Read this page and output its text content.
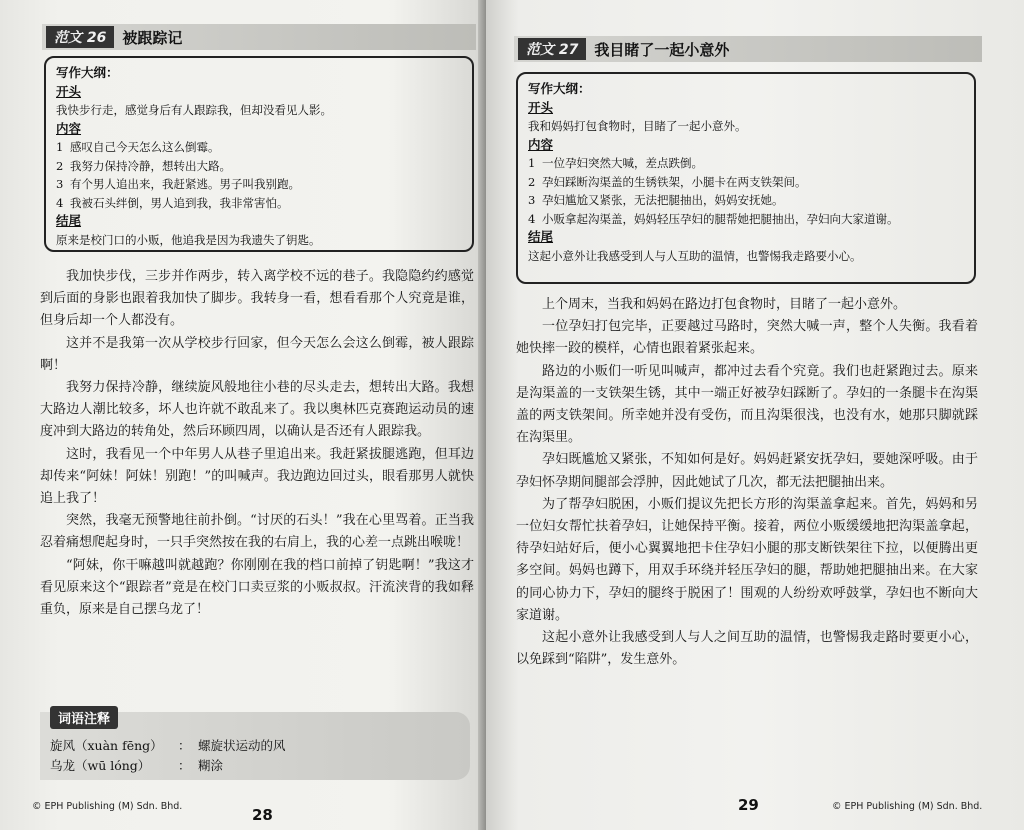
范文 26	被跟踪记
写作大纲：
开头
我快步行走，感觉身后有人跟踪我，但却没看见人影。
内容
1 感叹自己今天怎么这么倒霉。
2 我努力保持冷静，想转出大路。
3 有个男人追出来，我赶紧逃。男子叫我别跑。
4 我被石头绊倒，男人追到我，我非常害怕。
结尾
原来是校门口的小贩，他追我是因为我遗失了钥匙。

我加快步伐，三步并作两步，转入离学校不远的巷子。我隐隐约约感觉到后面的身影也跟着我加快了脚步。我转身一看，想看看那个人究竟是谁，但身后却一个人都没有。

这并不是我第一次从学校步行回家，但今天怎么会这么倒霉，被人跟踪啊！

我努力保持冷静，继续旋风般地往小巷的尽头走去，想转出大路。我想大路边人潮比较多，坏人也许就不敢乱来了。我以奥林匹克赛跑运动员的速度冲到大路边的转角处，然后环顾四周，以确认是否还有人跟踪我。

这时，我看见一个中年男人从巷子里追出来。我赶紧拔腿逃跑，但耳边却传来“阿妹！阿妹！别跑！”的叫喊声。我边跑边回过头，眼看那男人就快追上我了！

突然，我毫无预警地往前扑倒。“讨厌的石头！”我在心里骂着。正当我忍着痛想爬起身时，一只手突然按在我的右肩上，我的心差一点跳出喉咙！

“阿妹，你干嘛越叫就越跑？你刚刚在我的档口前掉了钥匙啊！”我这才看见原来这个“跟踪者”竟是在校门口卖豆浆的小贩叔叔。汗流浃背的我如释重负，原来是自己摆乌龙了！

词语注释
旋风（xuàn fēng）	： 螺旋状运动的风
乌龙（wū lóng）	： 糊涂
© EPH Publishing (M) Sdn. Bhd.	28
范文 27	我目睹了一起小意外
写作大纲：
开头
我和妈妈打包食物时，目睹了一起小意外。
内容
1 一位孕妇突然大喊，差点跌倒。
2 孕妇踩断沟渠盖的生锈铁架，小腿卡在两支铁架间。
3 孕妇尴尬又紧张，无法把腿抽出，妈妈安抚她。
4 小贩拿起沟渠盖，妈妈轻压孕妇的腿帮她把腿抽出，孕妇向大家道谢。
结尾
这起小意外让我感受到人与人互助的温情，也警惕我走路要小心。

上个周末，当我和妈妈在路边打包食物时，目睹了一起小意外。

一位孕妇打包完毕，正要越过马路时，突然大喊一声，整个人失衡。我看着她快摔一跤的模样，心情也跟着紧张起来。

路边的小贩们一听见叫喊声，都冲过去看个究竟。我们也赶紧跑过去。原来是沟渠盖的一支铁架生锈，其中一端正好被孕妇踩断了。孕妇的一条腿卡在沟渠盖的两支铁架间。所幸她并没有受伤，而且沟渠很浅，也没有水，她那只脚就踩在沟渠里。

孕妇既尴尬又紧张，不知如何是好。妈妈赶紧安抚孕妇，要她深呼吸。由于孕妇怀孕期间腿部会浮肿，因此她试了几次，都无法把腿抽出来。

为了帮孕妇脱困，小贩们提议先把长方形的沟渠盖拿起来。首先，妈妈和另一位妇女帮忙扶着孕妇，让她保持平衡。接着，两位小贩缓缓地把沟渠盖拿起，待孕妇站好后，便小心翼翼地把卡住孕妇小腿的那支断铁架往下拉，以便腾出更多空间。妈妈也蹲下，用双手环绕并轻压孕妇的腿，帮助她把腿抽出来。在大家的同心协力下，孕妇的腿终于脱困了！围观的人纷纷欢呼鼓掌，孕妇也不断向大家道谢。

这起小意外让我感受到人与人之间互助的温情，也警惕我走路时要更小心，以免踩到“陷阱”，发生意外。

29	© EPH Publishing (M) Sdn. Bhd.
